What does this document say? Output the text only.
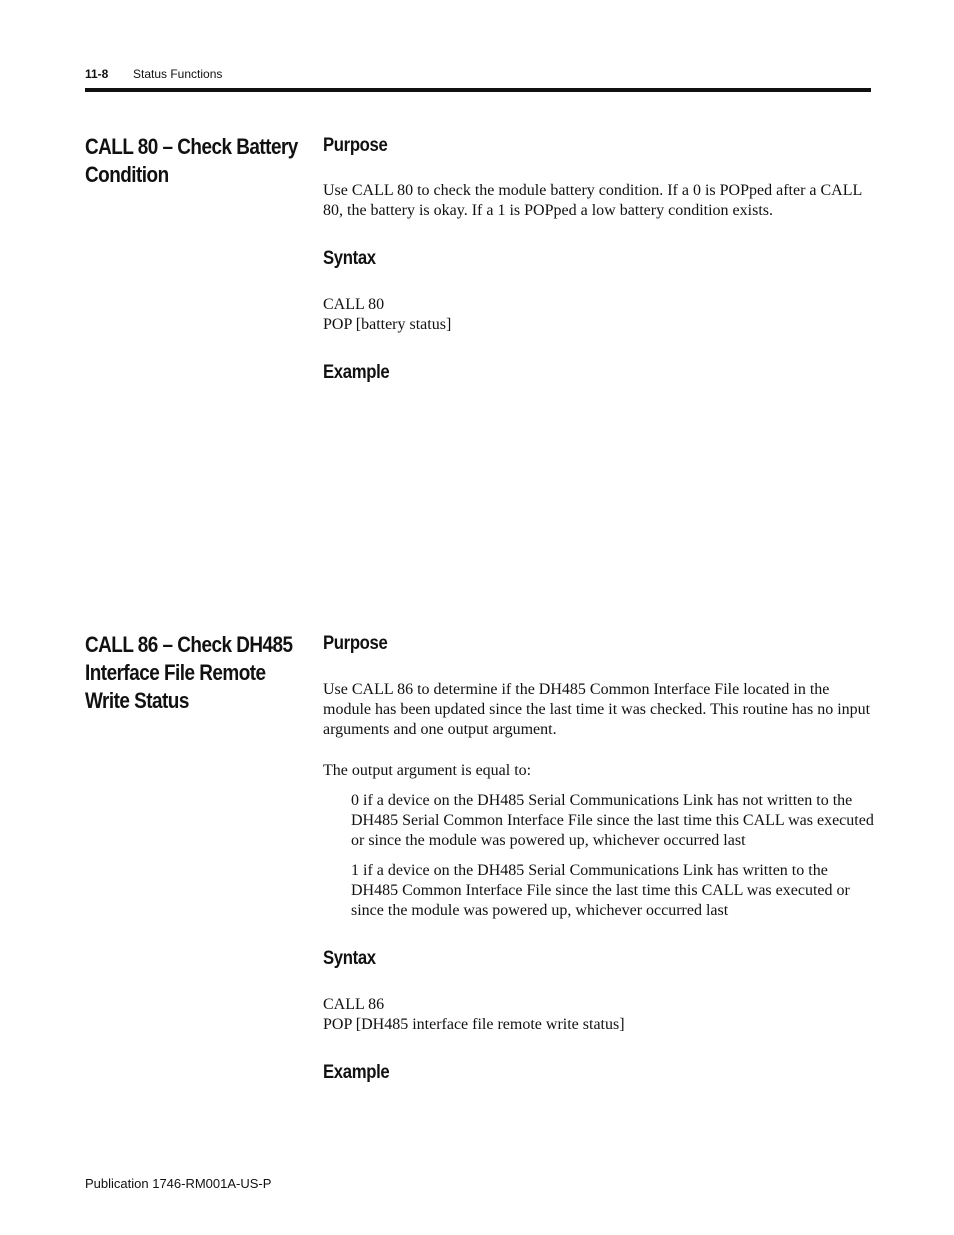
11-8 Status Functions
CALL 80 – Check Battery Condition
Purpose
Use CALL 80 to check the module battery condition. If a 0 is POPped after a CALL 80, the battery is okay. If a 1 is POPped a low battery condition exists.
Syntax
CALL 80
POP [battery status]
Example
CALL 86 – Check DH485 Interface File Remote Write Status
Purpose
Use CALL 86 to determine if the DH485 Common Interface File located in the module has been updated since the last time it was checked. This routine has no input arguments and one output argument.
The output argument is equal to:
0 if a device on the DH485 Serial Communications Link has not written to the DH485 Serial Common Interface File since the last time this CALL was executed or since the module was powered up, whichever occurred last
1 if a device on the DH485 Serial Communications Link has written to the DH485 Common Interface File since the last time this CALL was executed or since the module was powered up, whichever occurred last
Syntax
CALL 86
POP [DH485 interface file remote write status]
Example
Publication 1746-RM001A-US-P
